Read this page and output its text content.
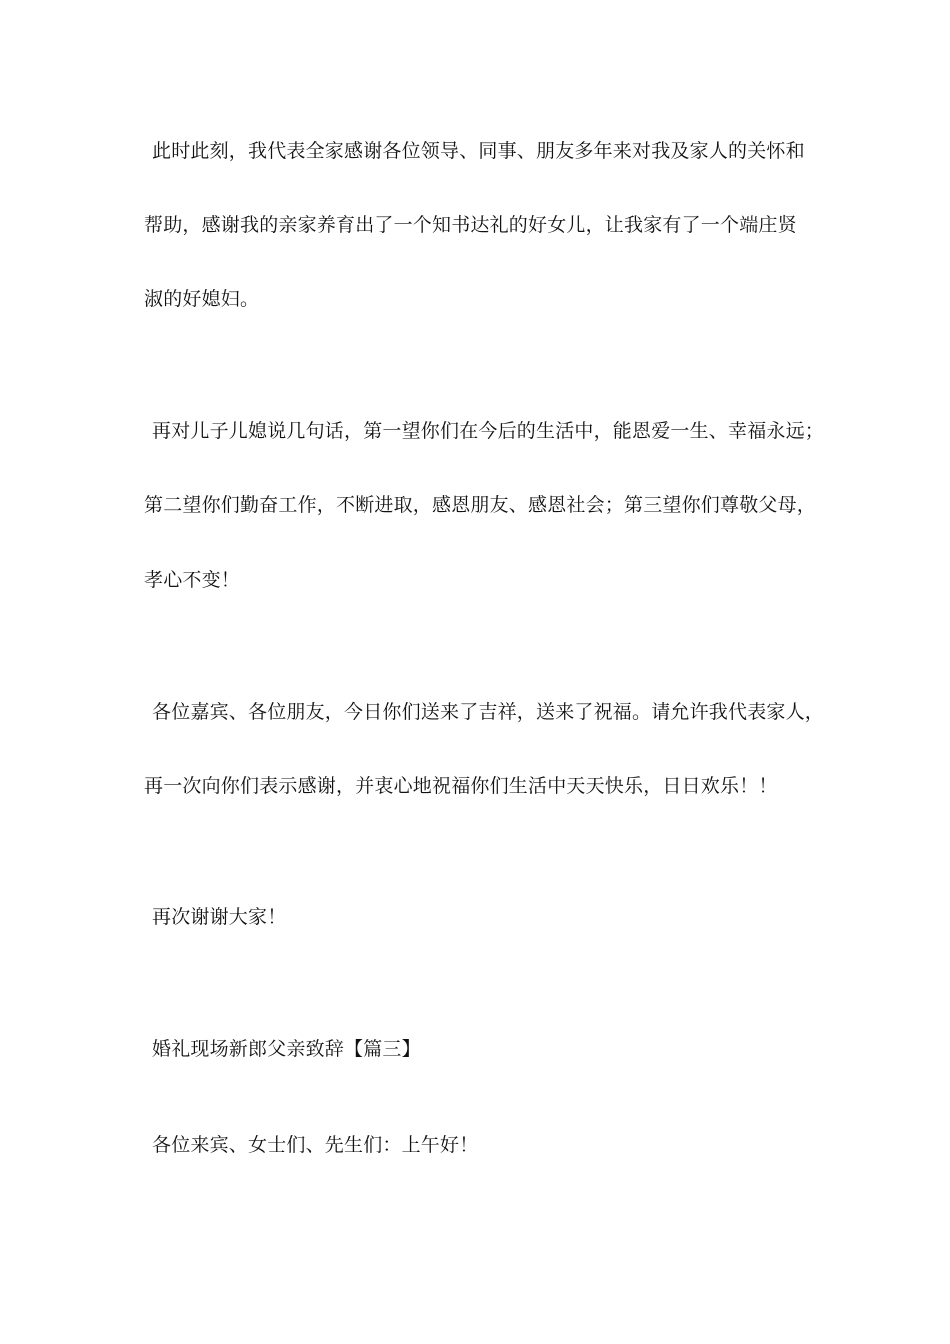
此时此刻，我代表全家感谢各位领导、同事、朋友多年来对我及家人的关怀和
帮助，感谢我的亲家养育出了一个知书达礼的好女儿，让我家有了一个端庄贤
淑的好媳妇。
再对儿子儿媳说几句话，第一望你们在今后的生活中，能恩爱一生、幸福永远；
第二望你们勤奋工作，不断进取，感恩朋友、感恩社会；第三望你们尊敬父母，
孝心不变！
各位嘉宾、各位朋友，今日你们送来了吉祥，送来了祝福。请允许我代表家人，
再一次向你们表示感谢，并衷心地祝福你们生活中天天快乐，日日欢乐！！
再次谢谢大家！
婚礼现场新郎父亲致辞【篇三】
各位来宾、女士们、先生们：上午好！
